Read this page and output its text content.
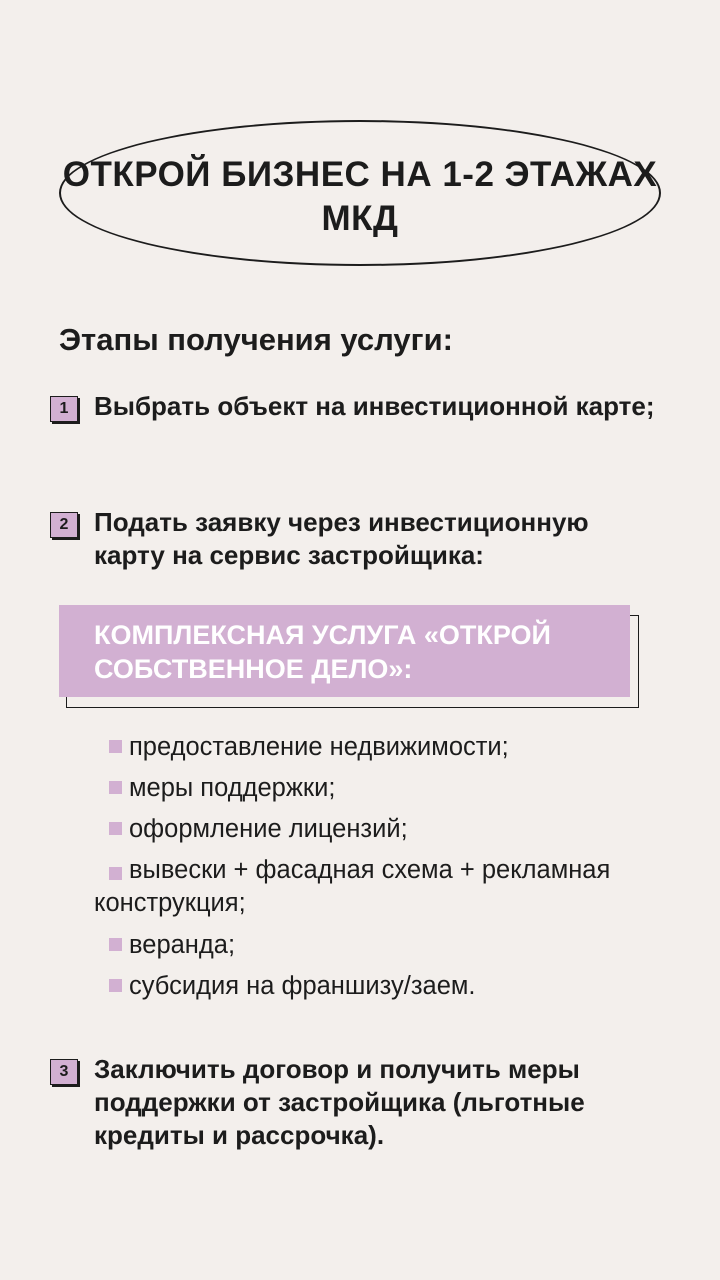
ОТКРОЙ БИЗНЕС НА 1-2 ЭТАЖАХ МКД
Этапы получения услуги:
1 Выбрать объект на инвестиционной карте;
2 Подать заявку через инвестиционную карту на сервис застройщика:
КОМПЛЕКСНАЯ УСЛУГА «ОТКРОЙ СОБСТВЕННОЕ ДЕЛО»:
предоставление недвижимости;
меры поддержки;
оформление лицензий;
вывески + фасадная схема + рекламная конструкция;
веранда;
субсидия на франшизу/заем.
3 Заключить договор и получить меры поддержки от застройщика (льготные кредиты и рассрочка).
